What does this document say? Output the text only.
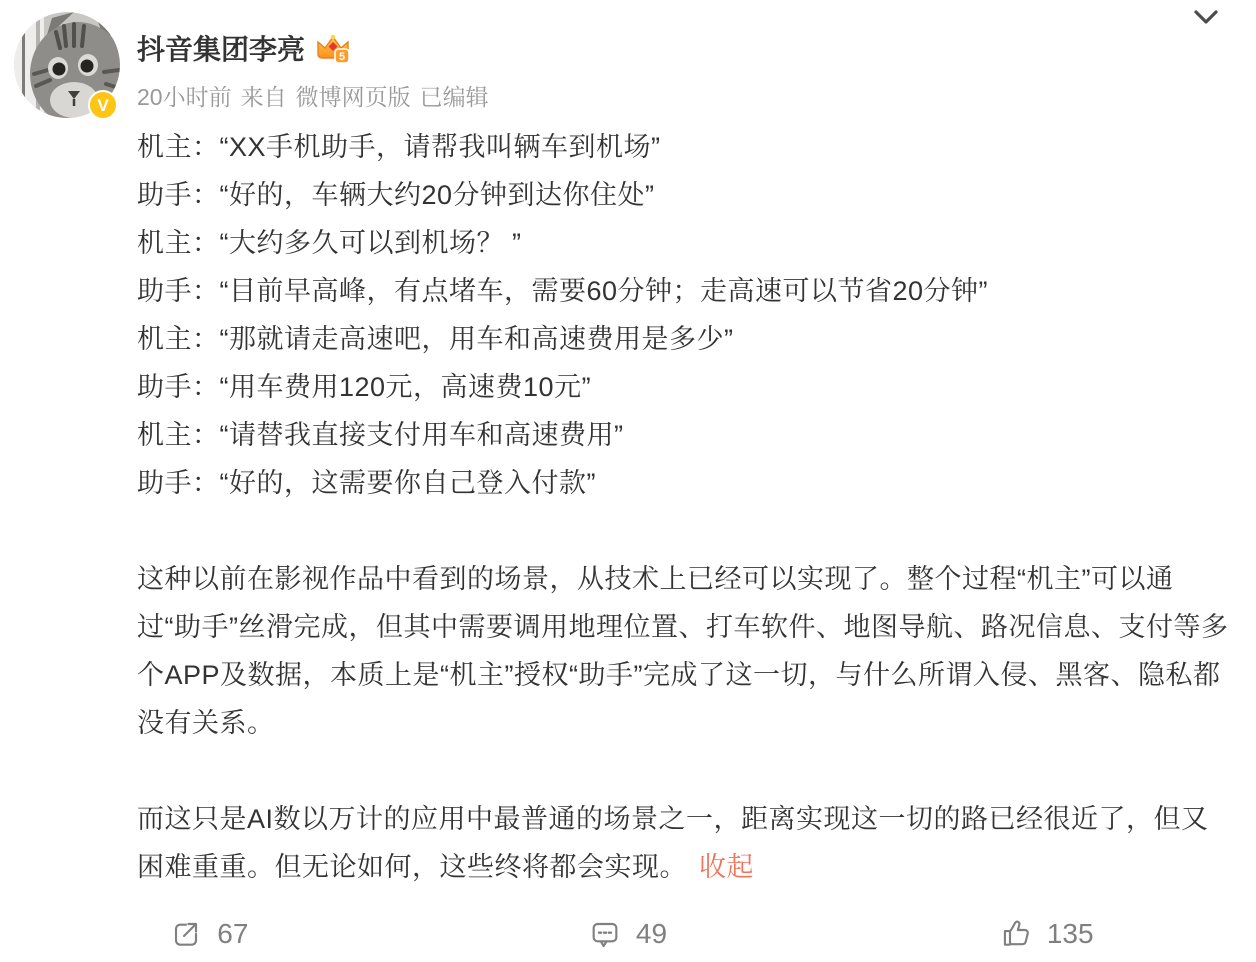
V
抖音集团李亮	5
20小时前 来自 微博网页版 已编辑
机主：“XX手机助手，请帮我叫辆车到机场”
助手：“好的，车辆大约20分钟到达你住处”
机主：“大约多久可以到机场？ ”
助手：“目前早高峰，有点堵车，需要60分钟；走高速可以节省20分钟”
机主：“那就请走高速吧，用车和高速费用是多少”
助手：“用车费用120元，高速费10元”
机主：“请替我直接支付用车和高速费用”
助手：“好的，这需要你自己登入付款”

这种以前在影视作品中看到的场景，从技术上已经可以实现了。整个过程“机主”可以通过“助手”丝滑完成，但其中需要调用地理位置、打车软件、地图导航、路况信息、支付等多个APP及数据，本质上是“机主”授权“助手”完成了这一切，与什么所谓入侵、黑客、隐私都没有关系。

而这只是AI数以万计的应用中最普通的场景之一，距离实现这一切的路已经很近了，但又困难重重。但无论如何，这些终将都会实现。 收起

67	49	135
